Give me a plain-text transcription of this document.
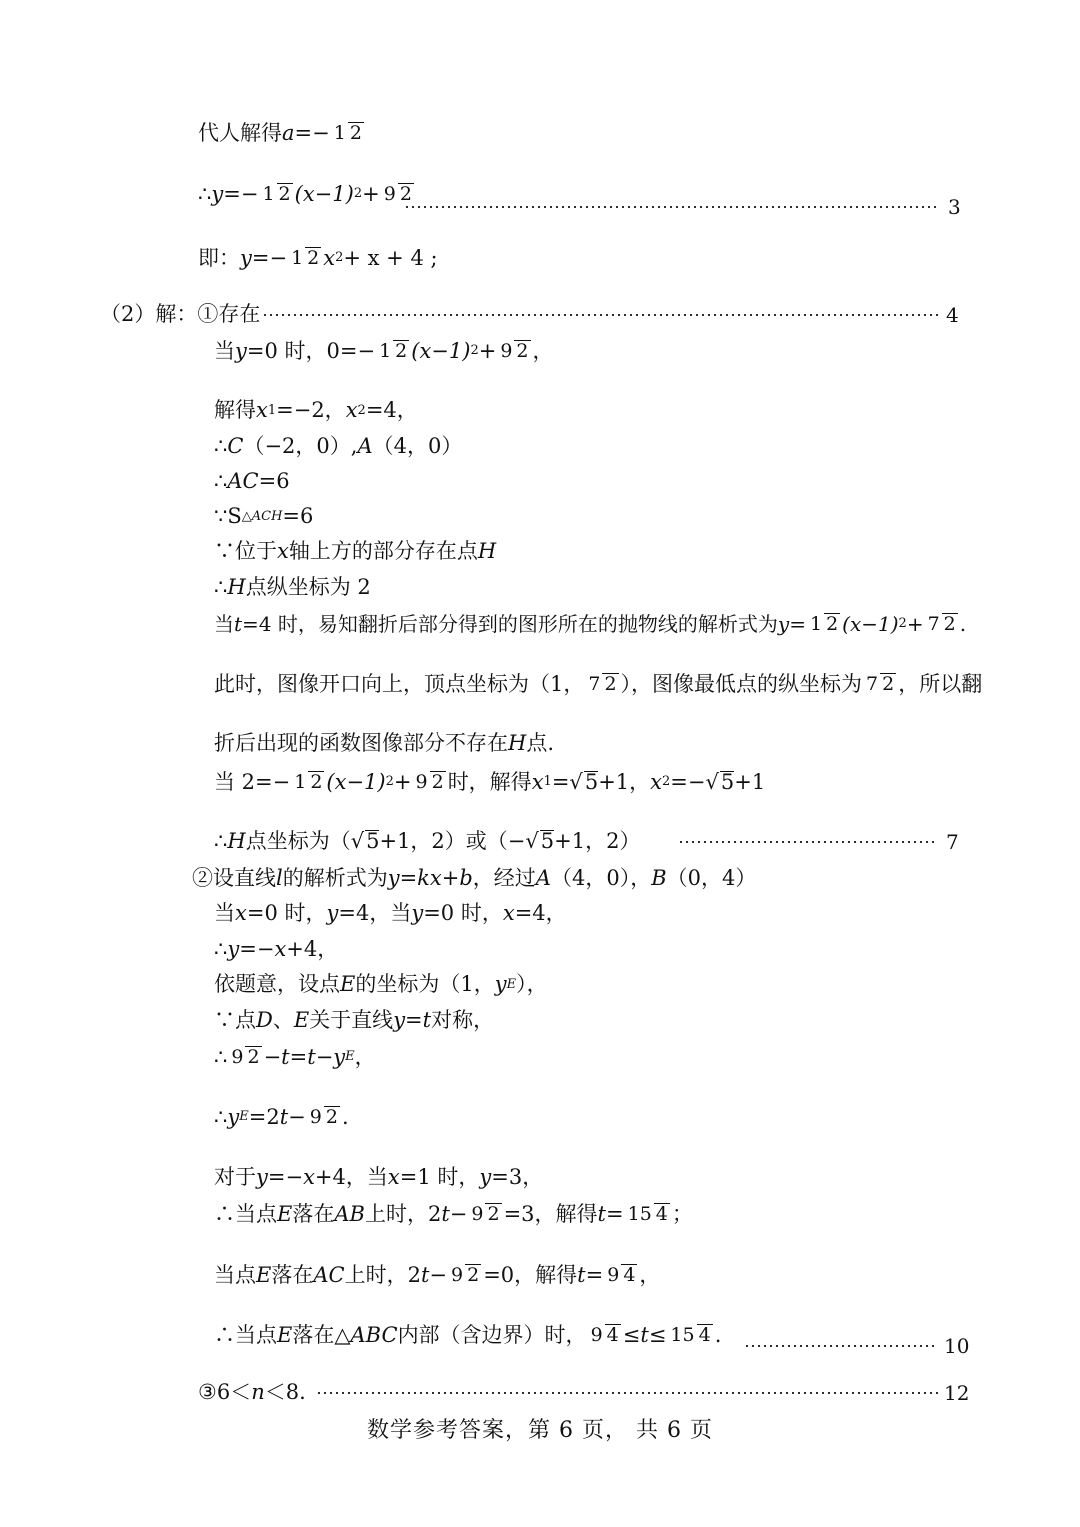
代人解得 a =− 1 2
∴ y =− 1 2 (x−1) 2 + 9 2
3
即： y =− 1 2 x 2 + x + 4 ;
（2）解：①存在	4
当 y =0 时，0=− 1 2 (x−1) 2 + 9 2 ，
解得 x 1 =−2， x 2 =4，
∴ C （−2，0）, A （4，0）
∴ AC =6
∵S △ACH =6
∵位于 x 轴上方的部分存在点 H
∴ H 点纵坐标为 2
当 t =4 时，易知翻折后部分得到的图形所在的抛物线的解析式为 y = 1 2 (x−1) 2 + 7 2 .
此时，图像开口向上，顶点坐标为（1， 7 2 ），图像最低点的纵坐标为 7 2 ，所以翻
折后出现的函数图像部分不存在 H 点.
当 2=− 1 2 (x−1) 2 + 9 2 时，解得 x 1 = √ 5 +1， x 2 =− √ 5 +1
∴ H 点坐标为（ √ 5 +1，2）或（− √ 5 +1，2）	7
②设直线 l 的解析式为 y=kx+b ，经过 A （4，0）， B （0，4）
当 x =0 时， y =4，当 y =0 时， x =4，
∴ y =− x +4，
依题意，设点 E 的坐标为（1， y E ），
∵点 D 、 E 关于直线 y=t 对称，
∴ 9 2 − t = t − y E ，
∴ y E =2 t − 9 2 .
对于 y =− x +4，当 x =1 时， y =3，
∴当点 E 落在 AB 上时，2 t − 9 2 =3，解得 t = 15 4 ；
当点 E 落在 AC 上时，2 t − 9 2 =0，解得 t = 9 4 ，
∴当点 E 落在△ ABC 内部（含边界）时， 9 4 ≤ t ≤ 15 4 .	10
③6＜ n ＜8.	12
数学参考答案，第 6 页， 共 6 页
